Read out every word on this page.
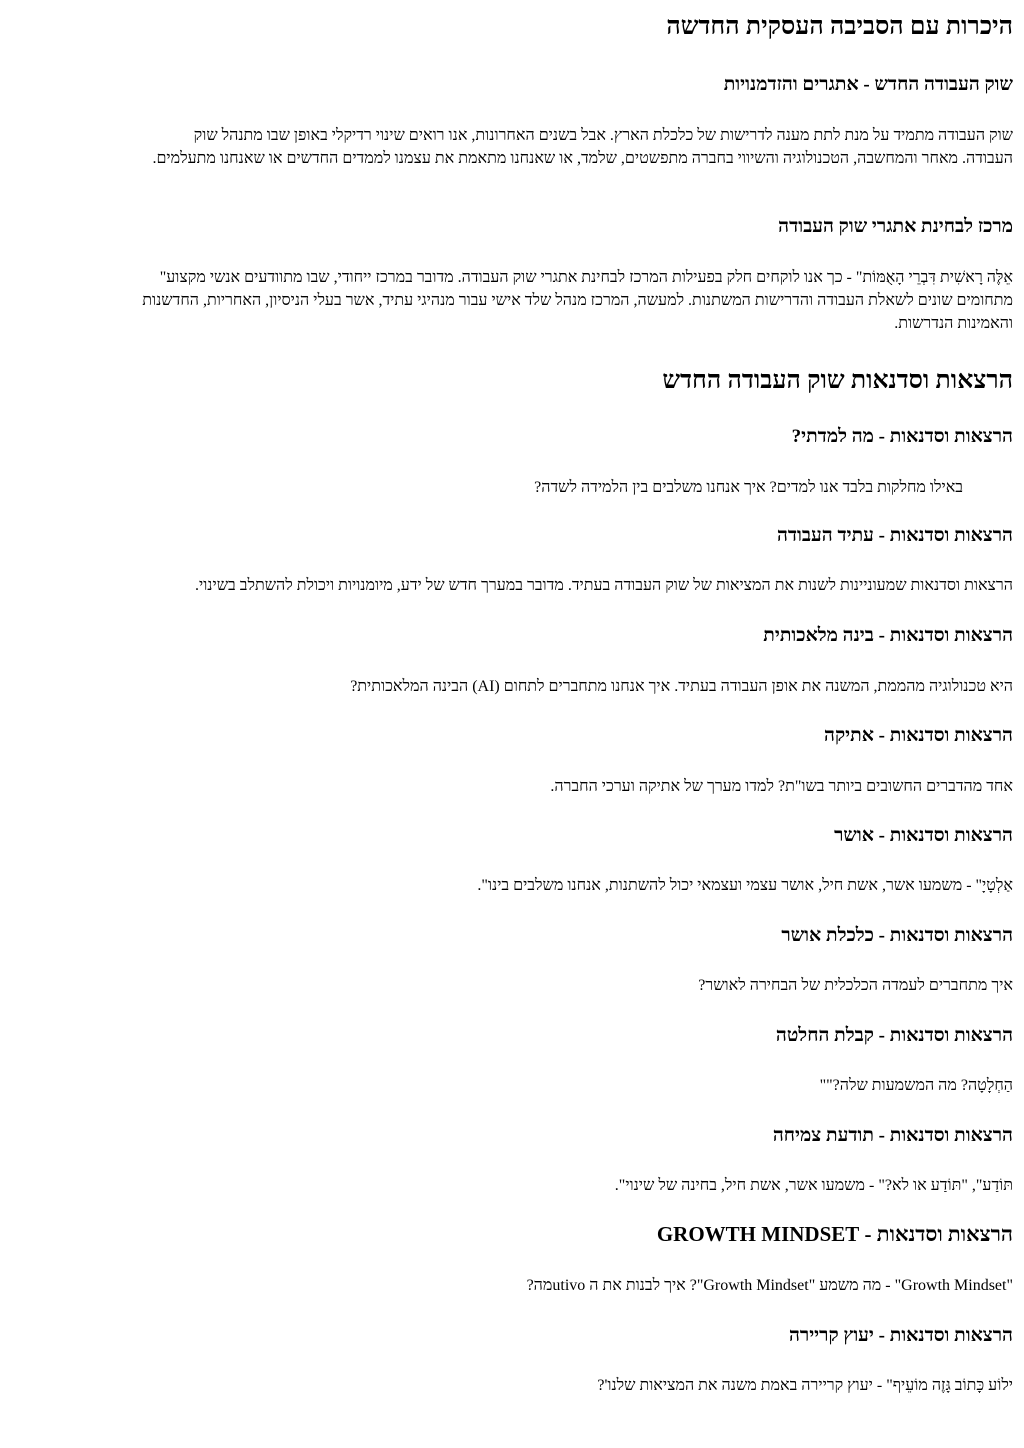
היכרות עם הסביבה העסקית החדשה
שוק העבודה החדש - אתגרים והזדמנויות

שוק העבודה מתמיד על מנת לתת מענה לדרישות של כלכלת הארץ. אבל בשנים האחרונות, אנו רואים שינוי רדיקלי באופן שבו מתנהל שוק

העבודה. מאחר והמחשבה, הטכנולוגיה והשיווי בחברה מתפשטים, שלמד, או שאנחנו מתאמת את עצמנו לממדים החדשים או שאנחנו מתעלמים.

מרכז לבחינת אתגרי שוק העבודה

אֵלֶּה רָאשִׁית דִּבְרֵי הָאֻמּוֹת" - כך אנו לוקחים חלק בפעילות המרכז לבחינת אתגרי שוק העבודה. מדובר במרכז ייחודי, שבו מתוודעים אנשי מקצוע"

מתחומים שונים לשאלת העבודה והדרישות המשתנות. למעשה, המרכז מנהל שלד אישי עבור מנהיגי עתיד, אשר בעלי הניסיון, האחריות, החדשנות

והאמינות הנדרשות.

הרצאות וסדנאות שוק העבודה החדש
הרצאות וסדנאות - מה למדתי?

באילו מחלקות בלבד אנו למדים? איך אנחנו משלבים בין הלמידה לשדה?

הרצאות וסדנאות - עתיד העבודה

הרצאות וסדנאות שמעוניינות לשנות את המציאות של שוק העבודה בעתיד. מדובר במערך חדש של ידע, מיומנויות ויכולת להשתלב בשינוי.

הרצאות וסדנאות - בינה מלאכותית

היא טכנולוגיה מהממת, המשנה את אופן העבודה בעתיד. איך אנחנו מתחברים לתחום (AI) הבינה המלאכותית?

הרצאות וסדנאות - אתיקה

אחד מהדברים החשובים ביותר בשו"ת? למדו מערך של אתיקה וערכי החברה.

הרצאות וסדנאות - אושר

אַלְטָיָ" - משמעו אשר, אשת חיל, אושר עצמי ועצמאי יכול להשתנות, אנחנו משלבים בינו".

הרצאות וסדנאות - כלכלת אושר

איך מתחברים לעמדה הכלכלית של הבחירה לאושר?

הרצאות וסדנאות - קבלת החלטה

הַחְלָטָה? מה המשמעות שלה?""

הרצאות וסדנאות - תודעת צמיחה

תּוֹדַע", "תּוֹדַע או לא?" - משמעו אשר, אשת חיל, בחינה של שינוי".

הרצאות וסדנאות - GROWTH MINDSET

"Growth Mindset" - מה משמע "Growth Mindset"? איך לבנות את ה utivoמה?

הרצאות וסדנאות - יעוץ קריירה

ילוֹע כָּתוֹב גָּזֶה מוֹעֵיף" - יעוץ קריירה באמת משנה את המציאות שלנו'?
